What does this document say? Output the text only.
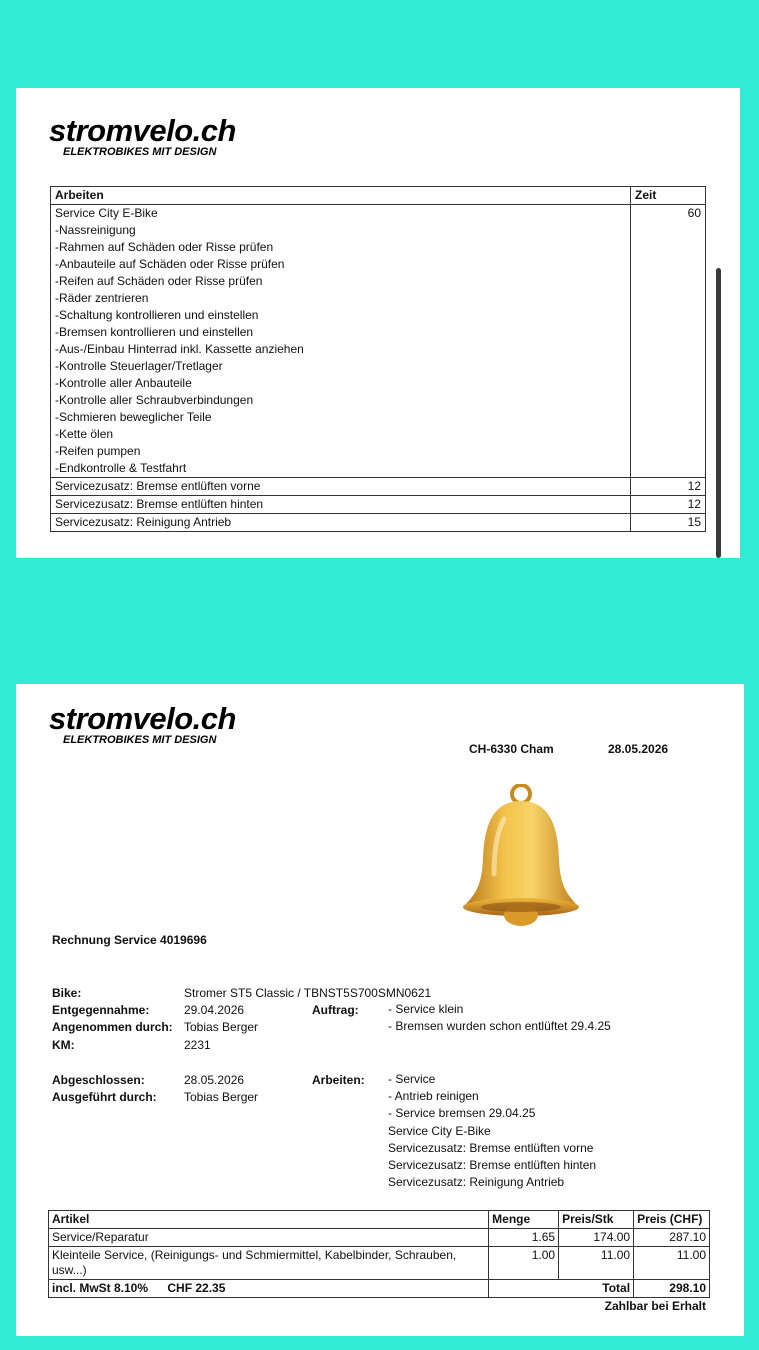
stromvelo.ch
ELEKTROBIKES MIT DESIGN
Arbeiten	Zeit
Service City E-Bike	60
-Nassreinigung	
-Rahmen auf Schäden oder Risse prüfen	
-Anbauteile auf Schäden oder Risse prüfen	
-Reifen auf Schäden oder Risse prüfen	
-Räder zentrieren	
-Schaltung kontrollieren und einstellen	
-Bremsen kontrollieren und einstellen	
-Aus-/Einbau Hinterrad inkl. Kassette anziehen	
-Kontrolle Steuerlager/Tretlager	
-Kontrolle aller Anbauteile	
-Kontrolle aller Schraubverbindungen	
-Schmieren beweglicher Teile	
-Kette ölen	
-Reifen pumpen	
-Endkontrolle & Testfahrt	
Servicezusatz: Bremse entlüften vorne	12
Servicezusatz: Bremse entlüften hinten	12
Servicezusatz: Reinigung Antrieb	15
stromvelo.ch
ELEKTROBIKES MIT DESIGN
CH-6330 Cham	28.05.2026
Rechnung Service 4019696
Bike:	Stromer ST5 Classic / TBNST5S700SMN0621
Entgegennahme:	29.04.2026
Angenommen durch: Tobias Berger
KM:	2231
Auftrag: - Service klein
- Bremsen wurden schon entlüftet 29.4.25
Abgeschlossen:	28.05.2026
Ausgeführt durch: Tobias Berger
Arbeiten: - Service
- Antrieb reinigen
- Service bremsen 29.04.25
Service City E-Bike
Servicezusatz: Bremse entlüften vorne
Servicezusatz: Bremse entlüften hinten
Servicezusatz: Reinigung Antrieb
Artikel	Menge	Preis/Stk	Preis (CHF)
Service/Reparatur	1.65	174.00	287.10
Kleinteile Service, (Reinigungs- und Schmiermittel, Kabelbinder, Schrauben, usw...)	1.00	11.00	11.00
incl. MwSt 8.10% CHF 22.35	Total		298.10
Zahlbar bei Erhalt
